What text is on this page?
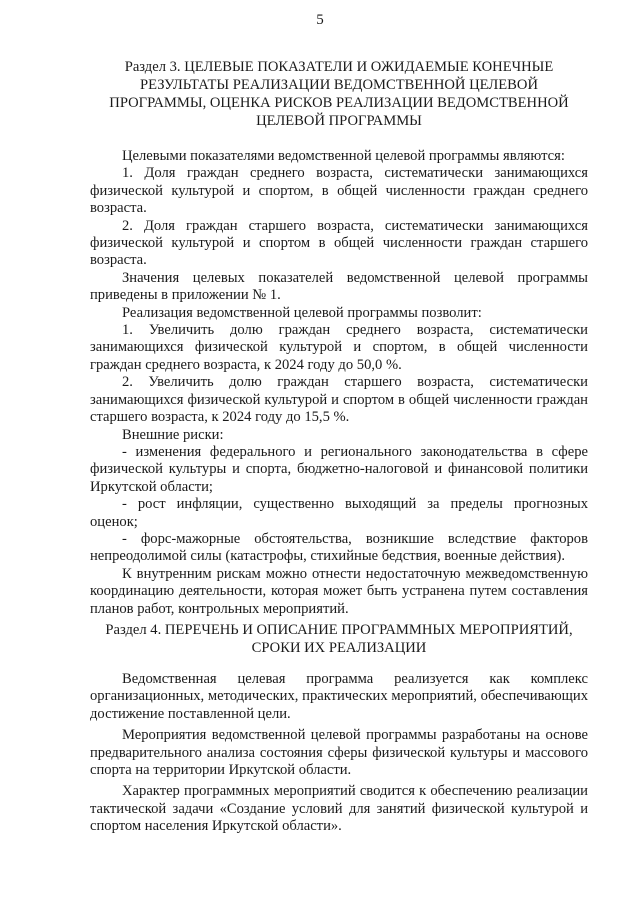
5
Раздел 3. ЦЕЛЕВЫЕ ПОКАЗАТЕЛИ И ОЖИДАЕМЫЕ КОНЕЧНЫЕ РЕЗУЛЬТАТЫ РЕАЛИЗАЦИИ ВЕДОМСТВЕННОЙ ЦЕЛЕВОЙ ПРОГРАММЫ, ОЦЕНКА РИСКОВ РЕАЛИЗАЦИИ ВЕДОМСТВЕННОЙ ЦЕЛЕВОЙ ПРОГРАММЫ

Целевыми показателями ведомственной целевой программы являются:

1. Доля граждан среднего возраста, систематически занимающихся физической культурой и спортом, в общей численности граждан среднего возраста.

2. Доля граждан старшего возраста, систематически занимающихся физической культурой и спортом в общей численности граждан старшего возраста.

Значения целевых показателей ведомственной целевой программы приведены в приложении № 1.

Реализация ведомственной целевой программы позволит:

1. Увеличить долю граждан среднего возраста, систематически занимающихся физической культурой и спортом, в общей численности граждан среднего возраста, к 2024 году до 50,0 %.

2. Увеличить долю граждан старшего возраста, систематически занимающихся физической культурой и спортом в общей численности граждан старшего возраста, к 2024 году до 15,5 %.

Внешние риски:

- изменения федерального и регионального законодательства в сфере физической культуры и спорта, бюджетно-налоговой и финансовой политики Иркутской области;

- рост инфляции, существенно выходящий за пределы прогнозных оценок;

- форс-мажорные обстоятельства, возникшие вследствие факторов непреодолимой силы (катастрофы, стихийные бедствия, военные действия).

К внутренним рискам можно отнести недостаточную межведомственную координацию деятельности, которая может быть устранена путем составления планов работ, контрольных мероприятий.

Раздел 4. ПЕРЕЧЕНЬ И ОПИСАНИЕ ПРОГРАММНЫХ МЕРОПРИЯТИЙ, СРОКИ ИХ РЕАЛИЗАЦИИ

Ведомственная целевая программа реализуется как комплекс организационных, методических, практических мероприятий, обеспечивающих достижение поставленной цели.

Мероприятия ведомственной целевой программы разработаны на основе предварительного анализа состояния сферы физической культуры и массового спорта на территории Иркутской области.

Характер программных мероприятий сводится к обеспечению реализации тактической задачи «Создание условий для занятий физической культурой и спортом населения Иркутской области».
